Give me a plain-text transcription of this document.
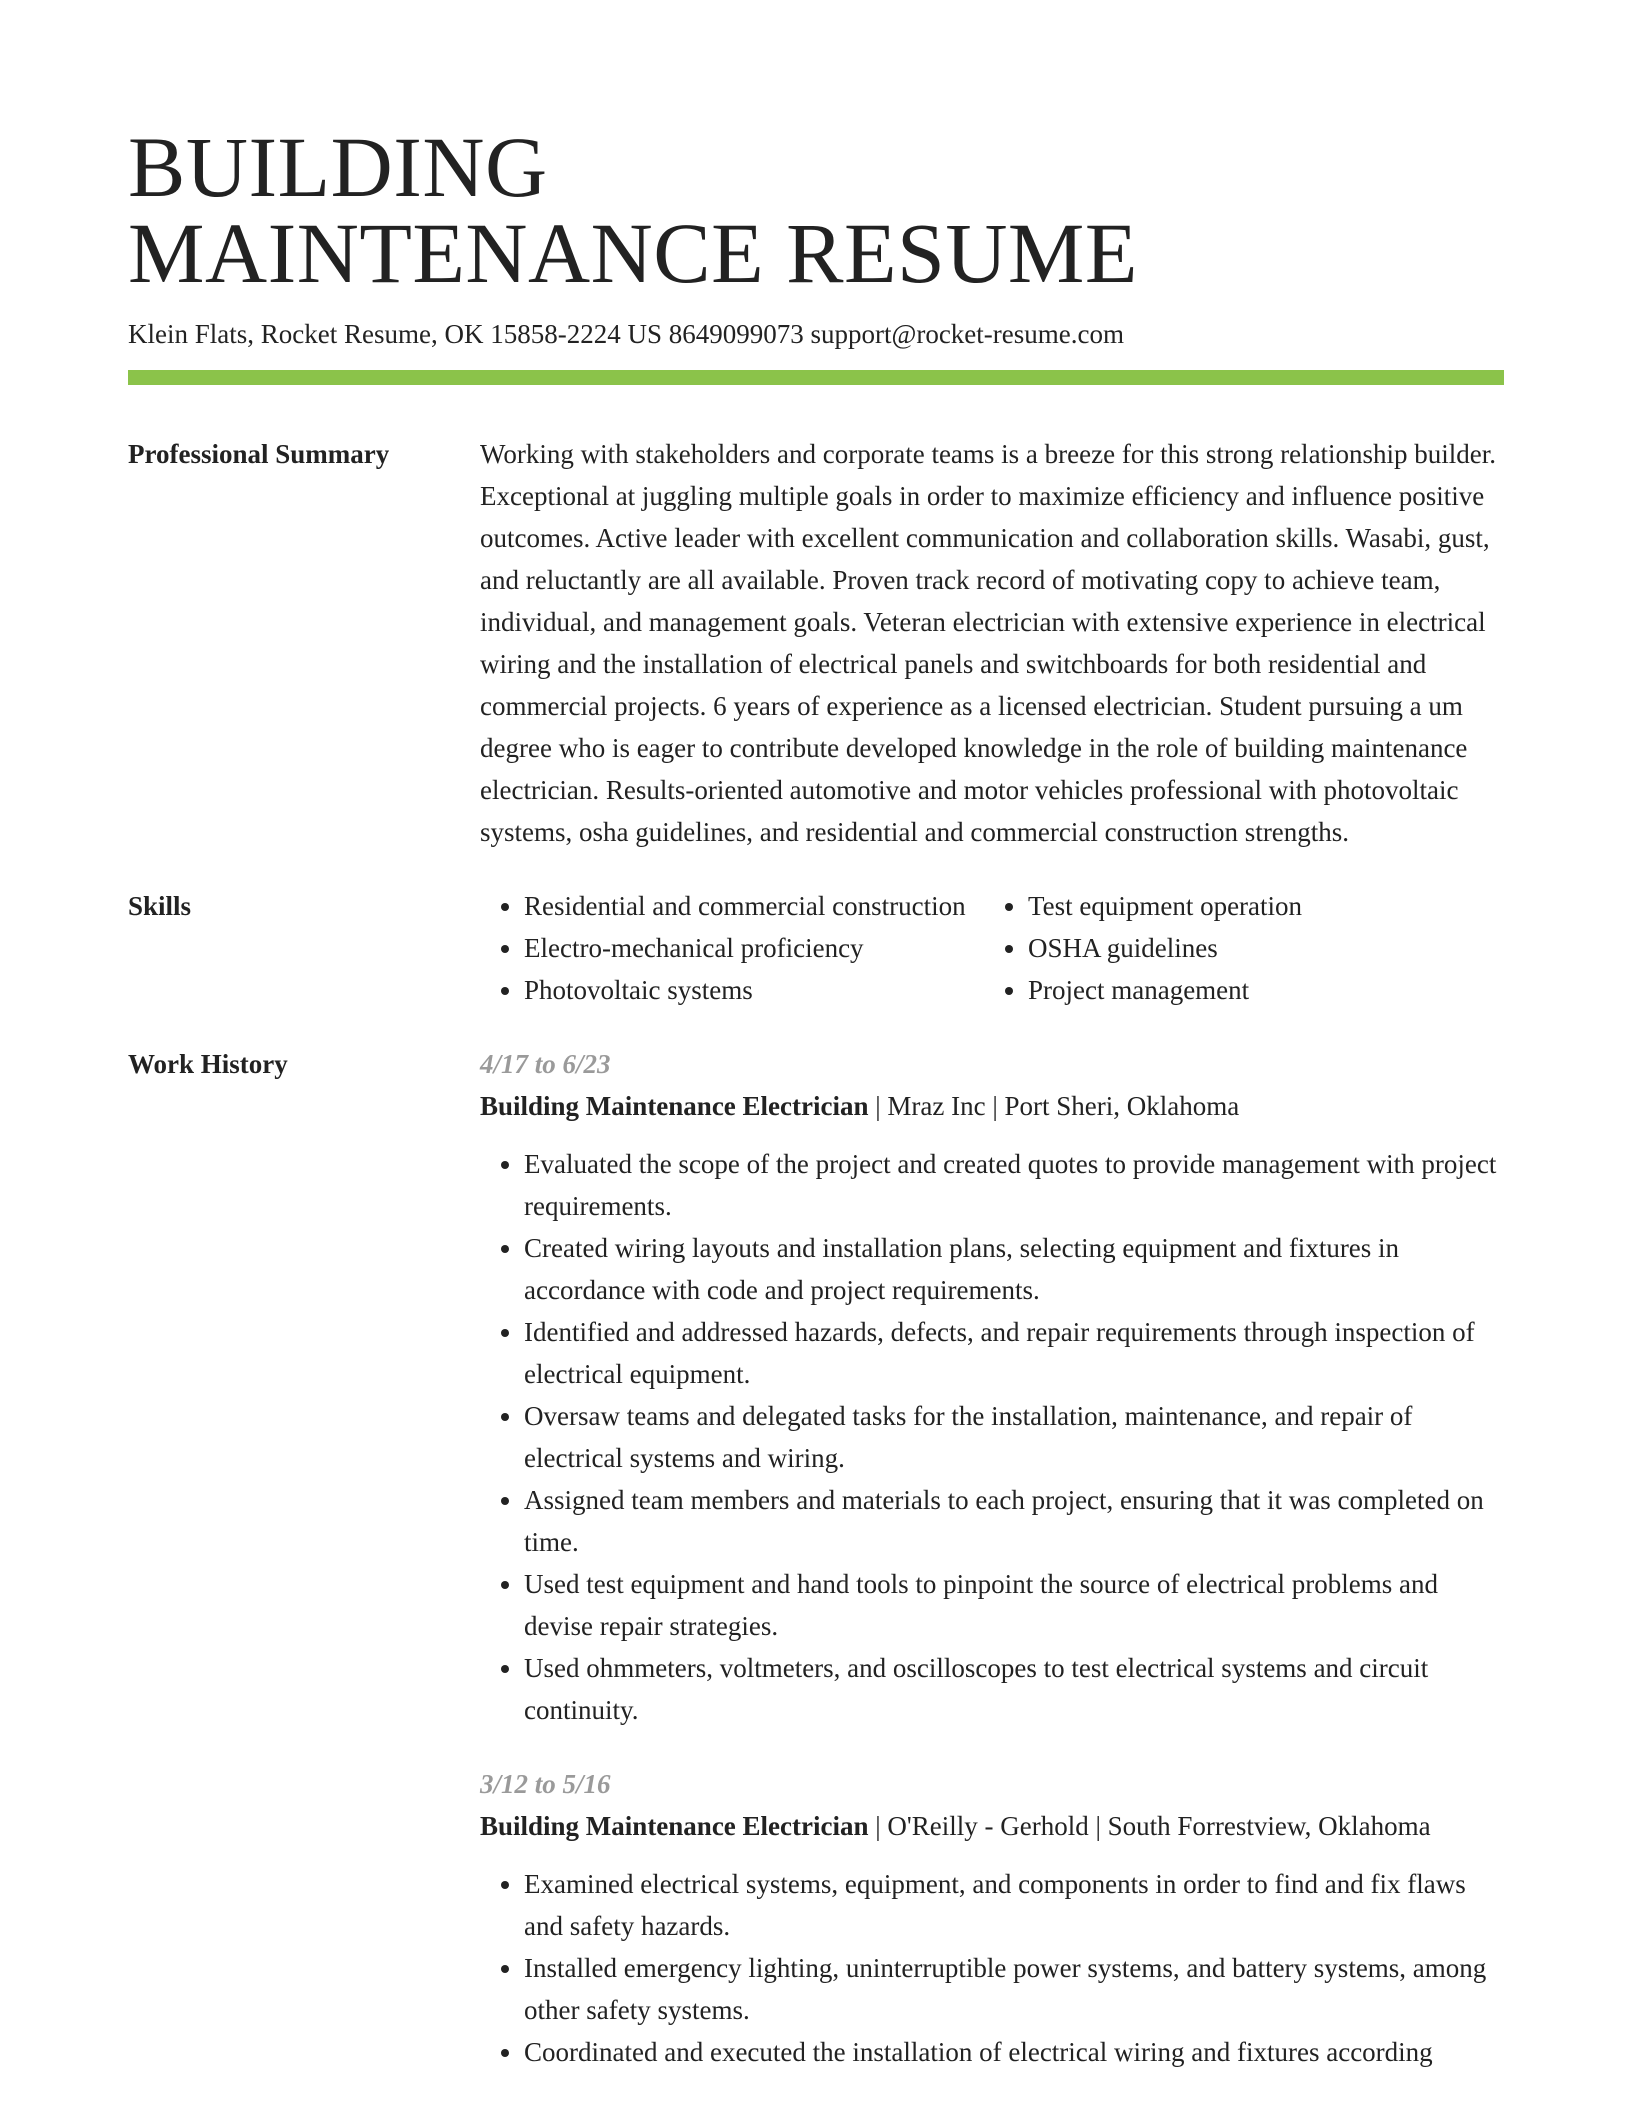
BUILDING
MAINTENANCE RESUME
Klein Flats, Rocket Resume, OK 15858-2224 US 8649099073 support@rocket-resume.com
Professional Summary	Working with stakeholders and corporate teams is a breeze for this strong relationship builder. Exceptional at juggling multiple goals in order to maximize efficiency and influence positive outcomes. Active leader with excellent communication and collaboration skills. Wasabi, gust, and reluctantly are all available. Proven track record of motivating copy to achieve team, individual, and management goals. Veteran electrician with extensive experience in electrical wiring and the installation of electrical panels and switchboards for both residential and commercial projects. 6 years of experience as a licensed electrician. Student pursuing a um degree who is eager to contribute developed knowledge in the role of building maintenance electrician. Results-oriented automotive and motor vehicles professional with photovoltaic systems, osha guidelines, and residential and commercial construction strengths.

Skills
•	Residential and commercial construction
• Electro-mechanical proficiency
• Photovoltaic systems
• Test equipment operation
• OSHA guidelines
• Project management
Work History	4/17 to 6/23

Building Maintenance Electrician | Mraz Inc | Port Sheri, Oklahoma

• Evaluated the scope of the project and created quotes to provide management with project requirements.
• Created wiring layouts and installation plans, selecting equipment and fixtures in accordance with code and project requirements.
• Identified and addressed hazards, defects, and repair requirements through inspection of electrical equipment.
• Oversaw teams and delegated tasks for the installation, maintenance, and repair of electrical systems and wiring.
• Assigned team members and materials to each project, ensuring that it was completed on time.
• Used test equipment and hand tools to pinpoint the source of electrical problems and devise repair strategies.
• Used ohmmeters, voltmeters, and oscilloscopes to test electrical systems and circuit continuity.
3/12 to 5/16

Building Maintenance Electrician | O'Reilly - Gerhold | South Forrestview, Oklahoma

• Examined electrical systems, equipment, and components in order to find and fix flaws and safety hazards.
• Installed emergency lighting, uninterruptible power systems, and battery systems, among other safety systems.
• Coordinated and executed the installation of electrical wiring and fixtures according
